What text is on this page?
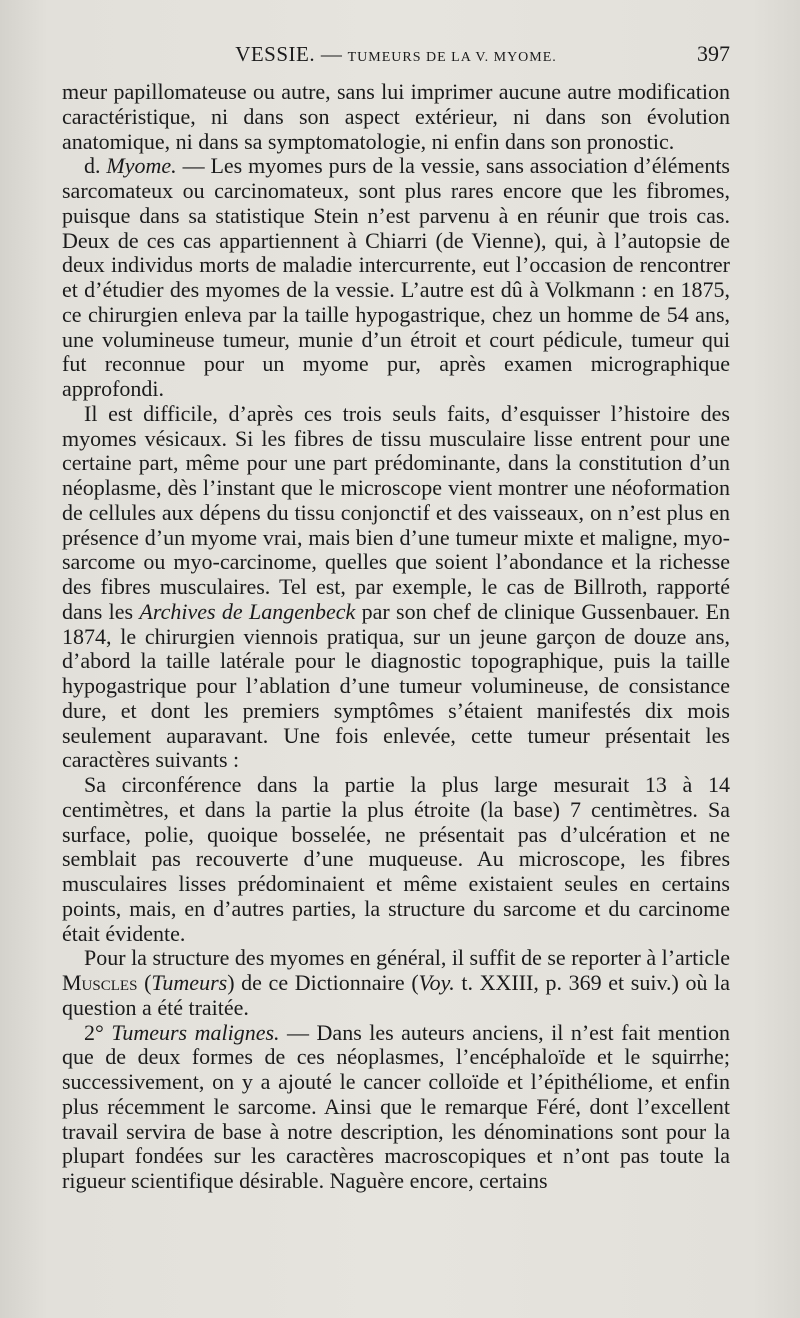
VESSIE. — TUMEURS DE LA V. MYOME.	397

meur papillomateuse ou autre, sans lui imprimer aucune autre modification caractéristique, ni dans son aspect extérieur, ni dans son évolution anatomique, ni dans sa symptomatologie, ni enfin dans son pronostic.

d. Myome. — Les myomes purs de la vessie, sans association d’éléments sarcomateux ou carcinomateux, sont plus rares encore que les fibromes, puisque dans sa statistique Stein n’est parvenu à en réunir que trois cas. Deux de ces cas appartiennent à Chiarri (de Vienne), qui, à l’autopsie de deux individus morts de maladie intercurrente, eut l’occasion de rencontrer et d’étudier des myomes de la vessie. L’autre est dû à Volkmann : en 1875, ce chirurgien enleva par la taille hypogastrique, chez un homme de 54 ans, une volumineuse tumeur, munie d’un étroit et court pédicule, tumeur qui fut reconnue pour un myome pur, après examen micrographique approfondi.

Il est difficile, d’après ces trois seuls faits, d’esquisser l’histoire des myomes vésicaux. Si les fibres de tissu musculaire lisse entrent pour une certaine part, même pour une part prédominante, dans la constitution d’un néoplasme, dès l’instant que le microscope vient montrer une néoformation de cellules aux dépens du tissu conjonctif et des vaisseaux, on n’est plus en présence d’un myome vrai, mais bien d’une tumeur mixte et maligne, myo-sarcome ou myo-carcinome, quelles que soient l’abondance et la richesse des fibres musculaires. Tel est, par exemple, le cas de Billroth, rapporté dans les Archives de Langenbeck par son chef de clinique Gussenbauer. En 1874, le chirurgien viennois pratiqua, sur un jeune garçon de douze ans, d’abord la taille latérale pour le diagnostic topographique, puis la taille hypogastrique pour l’ablation d’une tumeur volumineuse, de consistance dure, et dont les premiers symptômes s’étaient manifestés dix mois seulement auparavant. Une fois enlevée, cette tumeur présentait les caractères suivants :

Sa circonférence dans la partie la plus large mesurait 13 à 14 centimètres, et dans la partie la plus étroite (la base) 7 centimètres. Sa surface, polie, quoique bosselée, ne présentait pas d’ulcération et ne semblait pas recouverte d’une muqueuse. Au microscope, les fibres musculaires lisses prédominaient et même existaient seules en certains points, mais, en d’autres parties, la structure du sarcome et du carcinome était évidente.

Pour la structure des myomes en général, il suffit de se reporter à l’article Muscles (Tumeurs) de ce Dictionnaire (Voy. t. XXIII, p. 369 et suiv.) où la question a été traitée.

2° Tumeurs malignes. — Dans les auteurs anciens, il n’est fait mention que de deux formes de ces néoplasmes, l’encéphaloïde et le squirrhe; successivement, on y a ajouté le cancer colloïde et l’épithéliome, et enfin plus récemment le sarcome. Ainsi que le remarque Féré, dont l’excellent travail servira de base à notre description, les dénominations sont pour la plupart fondées sur les caractères macroscopiques et n’ont pas toute la rigueur scientifique désirable. Naguère encore, certains
